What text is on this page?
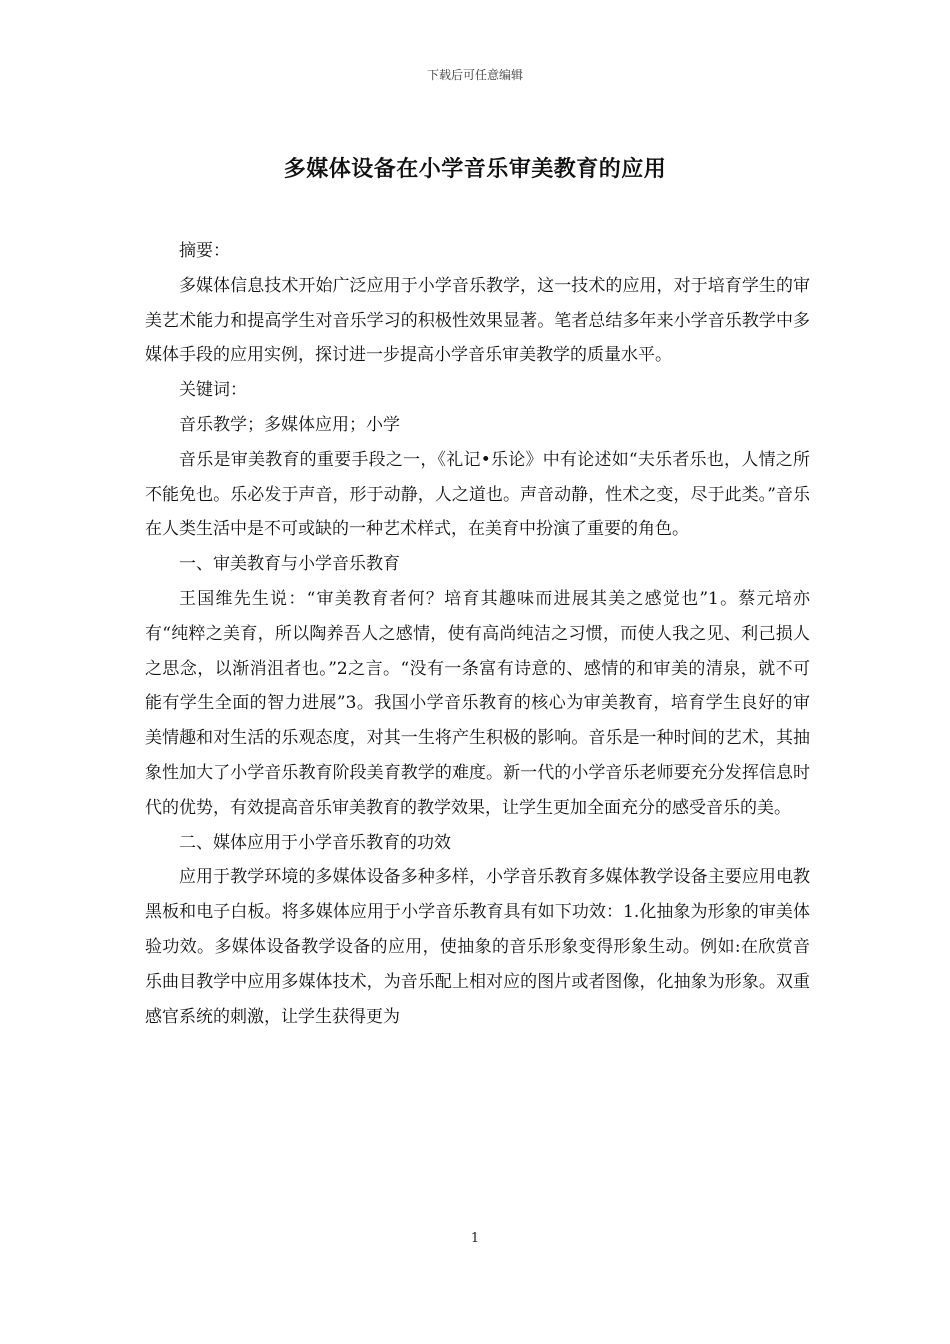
下载后可任意编辑
多媒体设备在小学音乐审美教育的应用

摘要：

多媒体信息技术开始广泛应用于小学音乐教学，这一技术的应用，对于培育学生的审美艺术能力和提高学生对音乐学习的积极性效果显著。笔者总结多年来小学音乐教学中多媒体手段的应用实例，探讨进一步提高小学音乐审美教学的质量水平。

关键词：

音乐教学；多媒体应用；小学

音乐是审美教育的重要手段之一，《礼记•乐论》中有论述如“夫乐者乐也，人情之所不能免也。乐必发于声音，形于动静，人之道也。声音动静，性术之变，尽于此类。”音乐在人类生活中是不可或缺的一种艺术样式，在美育中扮演了重要的角色。

一、审美教育与小学音乐教育

王国维先生说：“审美教育者何？培育其趣味而进展其美之感觉也”1。蔡元培亦有“纯粹之美育，所以陶养吾人之感情，使有高尚纯洁之习惯，而使人我之见、利己损人之思念，以渐消沮者也。”2之言。“没有一条富有诗意的、感情的和审美的清泉，就不可能有学生全面的智力进展”3。我国小学音乐教育的核心为审美教育，培育学生良好的审美情趣和对生活的乐观态度，对其一生将产生积极的影响。音乐是一种时间的艺术，其抽象性加大了小学音乐教育阶段美育教学的难度。新一代的小学音乐老师要充分发挥信息时代的优势，有效提高音乐审美教育的教学效果，让学生更加全面充分的感受音乐的美。

二、媒体应用于小学音乐教育的功效

应用于教学环境的多媒体设备多种多样，小学音乐教育多媒体教学设备主要应用电教黑板和电子白板。将多媒体应用于小学音乐教育具有如下功效：1.化抽象为形象的审美体验功效。多媒体设备教学设备的应用，使抽象的音乐形象变得形象生动。例如:在欣赏音乐曲目教学中应用多媒体技术，为音乐配上相对应的图片或者图像，化抽象为形象。双重感官系统的刺激，让学生获得更为

1
